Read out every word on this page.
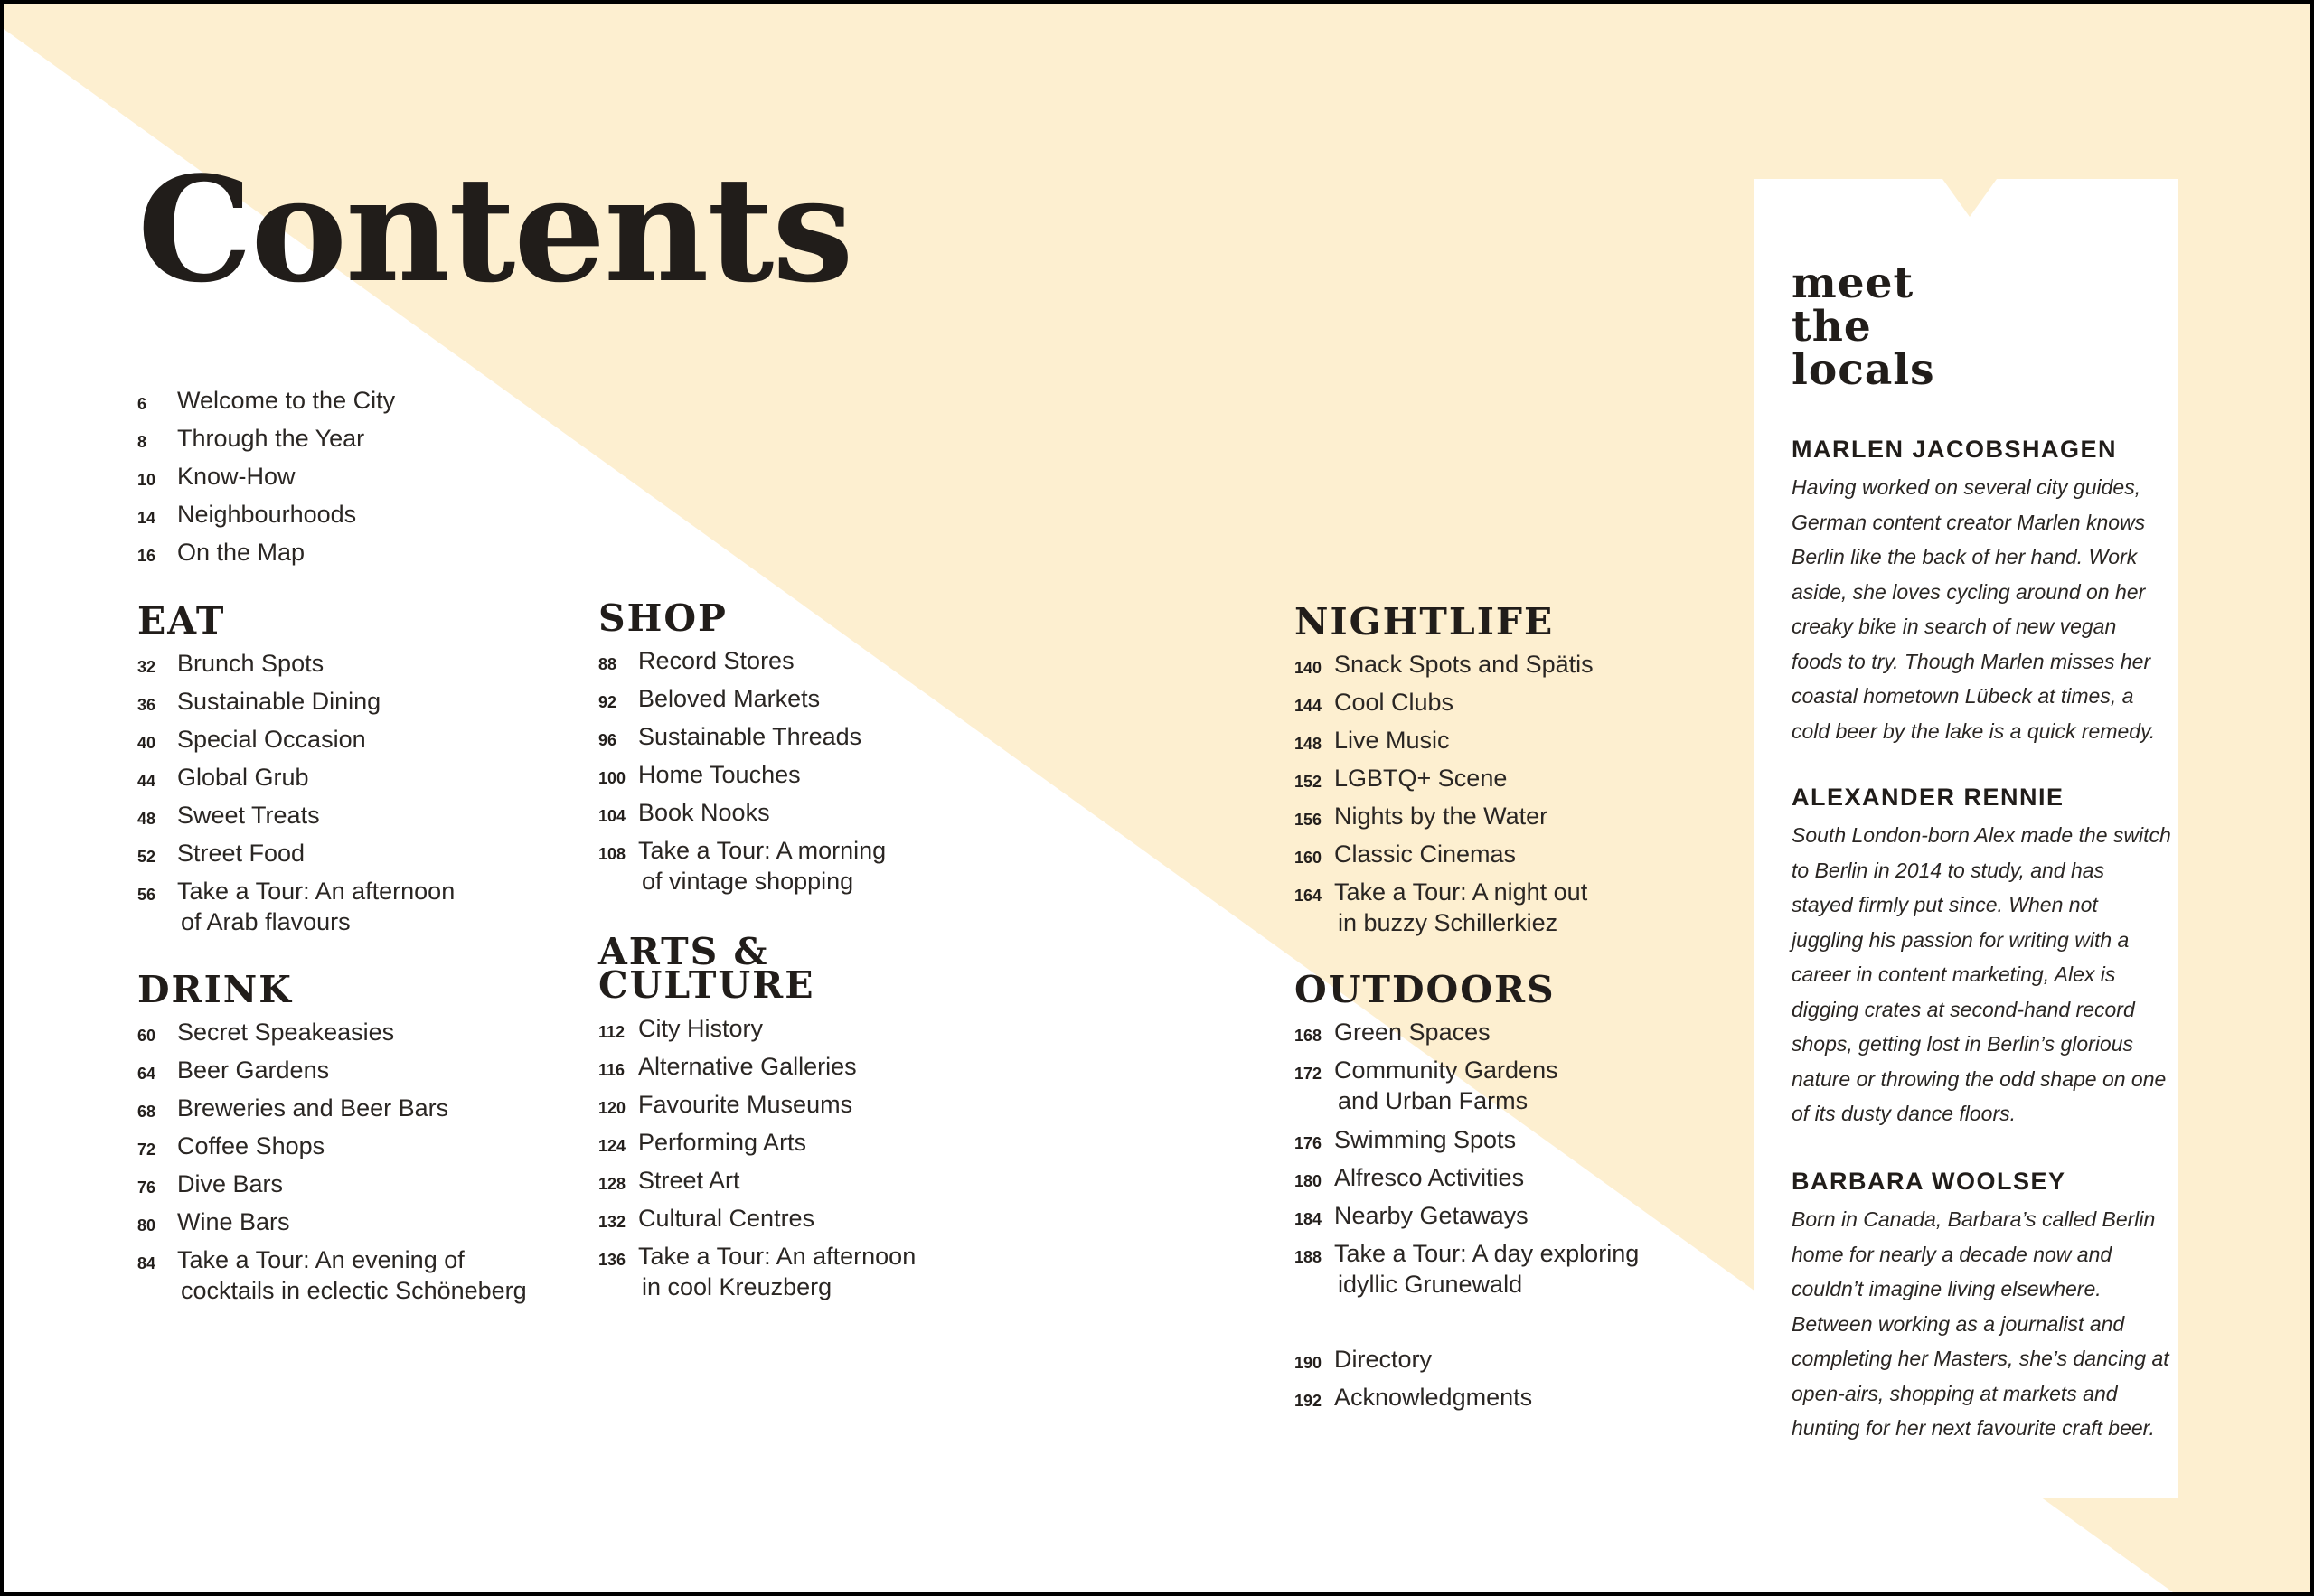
Contents
6 Welcome to the City
8 Through the Year
10 Know-How
14 Neighbourhoods
16 On the Map
EAT
32 Brunch Spots
36 Sustainable Dining
40 Special Occasion
44 Global Grub
48 Sweet Treats
52 Street Food
56 Take a Tour: An afternoon
of Arab flavours
DRINK
60 Secret Speakeasies
64 Beer Gardens
68 Breweries and Beer Bars
72 Coffee Shops
76 Dive Bars
80 Wine Bars
84 Take a Tour: An evening of
cocktails in eclectic Schöneberg
SHOP
88 Record Stores
92 Beloved Markets
96 Sustainable Threads
100 Home Touches
104 Book Nooks
108 Take a Tour: A morning
of vintage shopping
ARTS &
CULTURE
112 City History
116 Alternative Galleries
120 Favourite Museums
124 Performing Arts
128 Street Art
132 Cultural Centres
136 Take a Tour: An afternoon
in cool Kreuzberg
NIGHTLIFE
140 Snack Spots and Spätis
144 Cool Clubs
148 Live Music
152 LGBTQ+ Scene
156 Nights by the Water
160 Classic Cinemas
164 Take a Tour: A night out
in buzzy Schillerkiez
OUTDOORS
168 Green Spaces
172 Community Gardens
and Urban Farms
176 Swimming Spots
180 Alfresco Activities
184 Nearby Getaways
188 Take a Tour: A day exploring
idyllic Grunewald
190 Directory
192 Acknowledgments
meet
the
locals
MARLEN JACOBSHAGEN

Having worked on several city guides, German content creator Marlen knows Berlin like the back of her hand. Work aside, she loves cycling around on her creaky bike in search of new vegan foods to try. Though Marlen misses her coastal hometown Lübeck at times, a cold beer by the lake is a quick remedy.

ALEXANDER RENNIE

South London-born Alex made the switch to Berlin in 2014 to study, and has stayed firmly put since. When not juggling his passion for writing with a career in content marketing, Alex is digging crates at second-hand record shops, getting lost in Berlin’s glorious nature or throwing the odd shape on one of its dusty dance floors.

BARBARA WOOLSEY

Born in Canada, Barbara’s called Berlin home for nearly a decade now and couldn’t imagine living elsewhere. Between working as a journalist and completing her Masters, she’s dancing at open-airs, shopping at markets and hunting for her next favourite craft beer.
